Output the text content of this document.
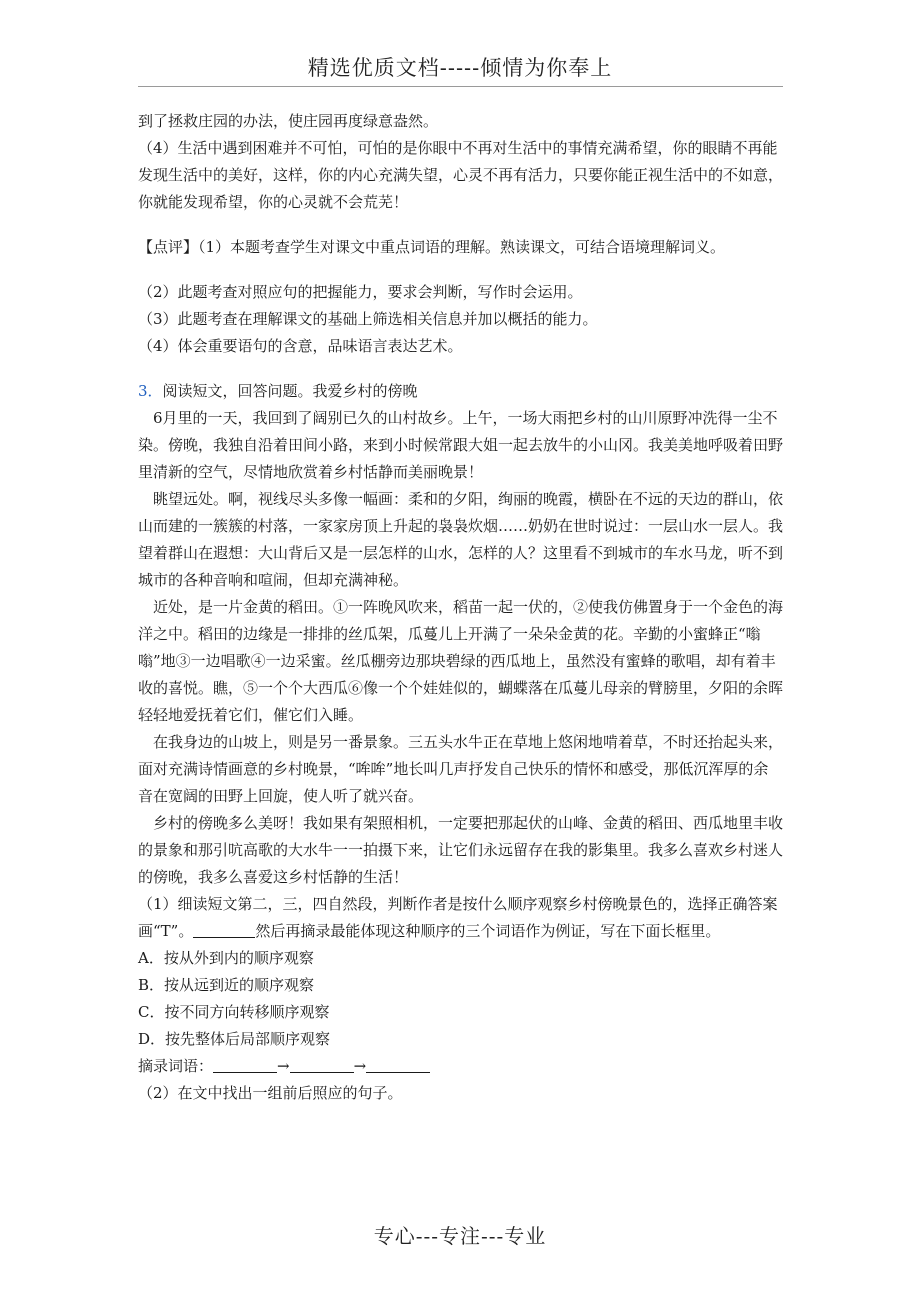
精选优质文档-----倾情为你奉上

到了拯救庄园的办法，使庄园再度绿意盎然。

（4）生活中遇到困难并不可怕，可怕的是你眼中不再对生活中的事情充满希望，你的眼睛不再能发现生活中的美好，这样，你的内心充满失望，心灵不再有活力，只要你能正视生活中的不如意，你就能发现希望，你的心灵就不会荒芜！

【点评】（1）本题考查学生对课文中重点词语的理解。熟读课文，可结合语境理解词义。

（2）此题考查对照应句的把握能力，要求会判断，写作时会运用。

（3）此题考查在理解课文的基础上筛选相关信息并加以概括的能力。

（4）体会重要语句的含意，品味语言表达艺术。

3．阅读短文，回答问题。我爱乡村的傍晚

6月里的一天，我回到了阔别已久的山村故乡。上午，一场大雨把乡村的山川原野冲洗得一尘不染。傍晚，我独自沿着田间小路，来到小时候常跟大姐一起去放牛的小山冈。我美美地呼吸着田野里清新的空气，尽情地欣赏着乡村恬静而美丽晚景！

眺望远处。啊，视线尽头多像一幅画：柔和的夕阳，绚丽的晚霞，横卧在不远的天边的群山，依山而建的一簇簇的村落，一家家房顶上升起的袅袅炊烟……奶奶在世时说过：一层山水一层人。我望着群山在遐想：大山背后又是一层怎样的山水，怎样的人？这里看不到城市的车水马龙，听不到城市的各种音响和喧闹，但却充满神秘。

近处，是一片金黄的稻田。①一阵晚风吹来，稻苗一起一伏的，②使我仿佛置身于一个金色的海洋之中。稻田的边缘是一排排的丝瓜架，瓜蔓儿上开满了一朵朵金黄的花。辛勤的小蜜蜂正“嗡嗡”地③一边唱歌④一边采蜜。丝瓜棚旁边那块碧绿的西瓜地上，虽然没有蜜蜂的歌唱，却有着丰收的喜悦。瞧，⑤一个个大西瓜⑥像一个个娃娃似的，蝴蝶落在瓜蔓儿母亲的臂膀里，夕阳的余晖轻轻地爱抚着它们，催它们入睡。

在我身边的山坡上，则是另一番景象。三五头水牛正在草地上悠闲地啃着草，不时还抬起头来，面对充满诗情画意的乡村晚景，“哞哞”地长叫几声抒发自己快乐的情怀和感受，那低沉浑厚的余音在宽阔的田野上回旋，使人听了就兴奋。

乡村的傍晚多么美呀！我如果有架照相机，一定要把那起伏的山峰、金黄的稻田、西瓜地里丰收的景象和那引吭高歌的大水牛一一拍摄下来，让它们永远留存在我的影集里。我多么喜欢乡村迷人的傍晚，我多么喜爱这乡村恬静的生活！

（1）细读短文第二，三，四自然段，判断作者是按什么顺序观察乡村傍晚景色的，选择正确答案画“T”。	然后再摘录最能体现这种顺序的三个词语作为例证，写在下面长框里。

A．按从外到内的顺序观察

B．按从远到近的顺序观察

C．按不同方向转移顺序观察

D．按先整体后局部顺序观察

摘录词语：	→	→

（2）在文中找出一组前后照应的句子。

专心---专注---专业
